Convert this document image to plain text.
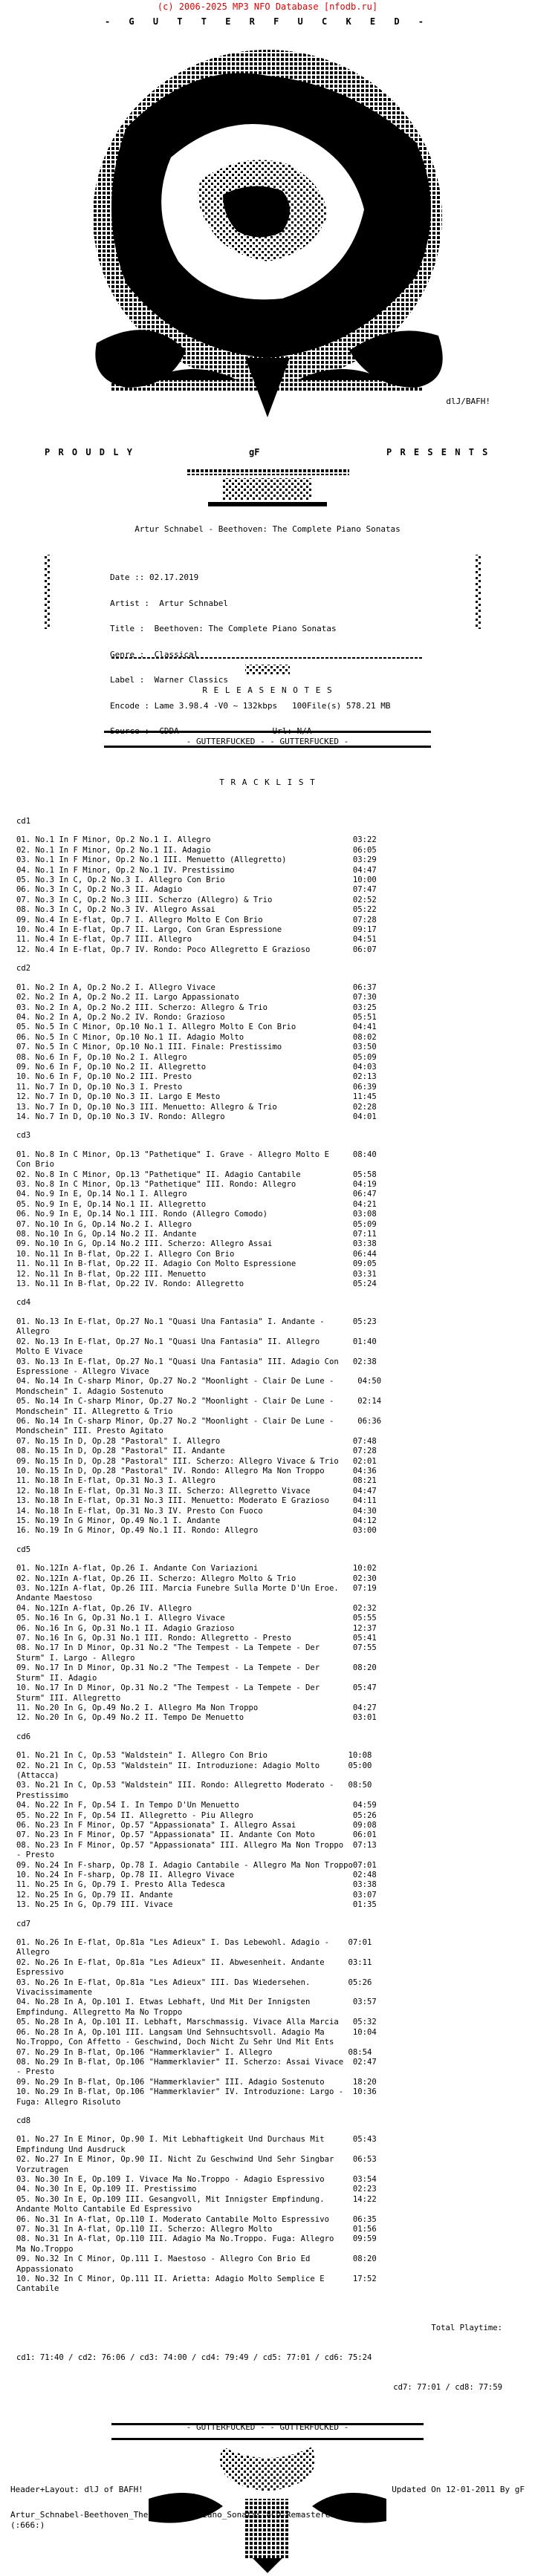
(c) 2006-2025 MP3 NFO Database [nfodb.ru]
- G U T T E R F U C K E D -
dlJ/BAFH!
P R O U D L Y	gF	P R E S E N T S
Artur Schnabel - Beethoven: The Complete Piano Sonatas

Date :: 02.17.2019

Artist :  Artur Schnabel

Title :  Beethoven: The Complete Piano Sonatas

Genre :  Classical

Label :  Warner Classics

Encode : Lame 3.98.4 -V0 ~ 132kbps   100File(s) 578.21 MB

Source :  CDDA                   Url: N/A

R E L E A S E N O T E S
- GUTTERFUCKED - - GUTTERFUCKED -
T R A C K L I S T
cd1
01. No.1 In F Minor, Op.2 No.1 I. Allegro                              03:22
02. No.1 In F Minor, Op.2 No.1 II. Adagio                              06:05
03. No.1 In F Minor, Op.2 No.1 III. Menuetto (Allegretto)              03:29
04. No.1 In F Minor, Op.2 No.1 IV. Prestissimo                         04:47
05. No.3 In C, Op.2 No.3 I. Allegro Con Brio                           10:00
06. No.3 In C, Op.2 No.3 II. Adagio                                    07:47
07. No.3 In C, Op.2 No.3 III. Scherzo (Allegro) & Trio                 02:52
08. No.3 In C, Op.2 No.3 IV. Allegro Assai                             05:22
09. No.4 In E-flat, Op.7 I. Allegro Molto E Con Brio                   07:28
10. No.4 In E-flat, Op.7 II. Largo, Con Gran Espressione               09:17
11. No.4 In E-flat, Op.7 III. Allegro                                  04:51
12. No.4 In E-flat, Op.7 IV. Rondo: Poco Allegretto E Grazioso         06:07
cd2
01. No.2 In A, Op.2 No.2 I. Allegro Vivace                             06:37
02. No.2 In A, Op.2 No.2 II. Largo Appassionato                        07:30
03. No.2 In A, Op.2 No.2 III. Scherzo: Allegro & Trio                  03:25
04. No.2 In A, Op.2 No.2 IV. Rondo: Grazioso                           05:51
05. No.5 In C Minor, Op.10 No.1 I. Allegro Molto E Con Brio            04:41
06. No.5 In C Minor, Op.10 No.1 II. Adagio Molto                       08:02
07. No.5 In C Minor, Op.10 No.1 III. Finale: Prestissimo               03:50
08. No.6 In F, Op.10 No.2 I. Allegro                                   05:09
09. No.6 In F, Op.10 No.2 II. Allegretto                               04:03
10. No.6 In F, Op.10 No.2 III. Presto                                  02:13
11. No.7 In D, Op.10 No.3 I. Presto                                    06:39
12. No.7 In D, Op.10 No.3 II. Largo E Mesto                            11:45
13. No.7 In D, Op.10 No.3 III. Menuetto: Allegro & Trio                02:28
14. No.7 In D, Op.10 No.3 IV. Rondo: Allegro                           04:01
cd3
01. No.8 In C Minor, Op.13 "Pathetique" I. Grave - Allegro Molto E     08:40
Con Brio
02. No.8 In C Minor, Op.13 "Pathetique" II. Adagio Cantabile           05:58
03. No.8 In C Minor, Op.13 "Pathetique" III. Rondo: Allegro            04:19
04. No.9 In E, Op.14 No.1 I. Allegro                                   06:47
05. No.9 In E, Op.14 No.1 II. Allegretto                               04:21
06. No.9 In E, Op.14 No.1 III. Rondo (Allegro Comodo)                  03:08
07. No.10 In G, Op.14 No.2 I. Allegro                                  05:09
08. No.10 In G, Op.14 No.2 II. Andante                                 07:11
09. No.10 In G, Op.14 No.2 III. Scherzo: Allegro Assai                 03:38
10. No.11 In B-flat, Op.22 I. Allegro Con Brio                         06:44
11. No.11 In B-flat, Op.22 II. Adagio Con Molto Espressione            09:05
12. No.11 In B-flat, Op.22 III. Menuetto                               03:31
13. No.11 In B-flat, Op.22 IV. Rondo: Allegretto                       05:24
cd4
01. No.13 In E-flat, Op.27 No.1 "Quasi Una Fantasia" I. Andante -      05:23
Allegro
02. No.13 In E-flat, Op.27 No.1 "Quasi Una Fantasia" II. Allegro       01:40
Molto E Vivace
03. No.13 In E-flat, Op.27 No.1 "Quasi Una Fantasia" III. Adagio Con   02:38
Espressione - Allegro Vivace
04. No.14 In C-sharp Minor, Op.27 No.2 "Moonlight - Clair De Lune -     04:50
Mondschein" I. Adagio Sostenuto
05. No.14 In C-sharp Minor, Op.27 No.2 "Moonlight - Clair De Lune -     02:14
Mondschein" II. Allegretto & Trio
06. No.14 In C-sharp Minor, Op.27 No.2 "Moonlight - Clair De Lune -     06:36
Mondschein" III. Presto Agitato
07. No.15 In D, Op.28 "Pastoral" I. Allegro                            07:48
08. No.15 In D, Op.28 "Pastoral" II. Andante                           07:28
09. No.15 In D, Op.28 "Pastoral" III. Scherzo: Allegro Vivace & Trio   02:01
10. No.15 In D, Op.28 "Pastoral" IV. Rondo: Allegro Ma Non Troppo      04:36
11. No.18 In E-flat, Op.31 No.3 I. Allegro                             08:21
12. No.18 In E-flat, Op.31 No.3 II. Scherzo: Allegretto Vivace         04:47
13. No.18 In E-flat, Op.31 No.3 III. Menuetto: Moderato E Grazioso     04:11
14. No.18 In E-flat, Op.31 No.3 IV. Presto Con Fuoco                   04:30
15. No.19 In G Minor, Op.49 No.1 I. Andante                            04:12
16. No.19 In G Minor, Op.49 No.1 II. Rondo: Allegro                    03:00
cd5
01. No.12In A-flat, Op.26 I. Andante Con Variazioni                    10:02
02. No.12In A-flat, Op.26 II. Scherzo: Allegro Molto & Trio            02:30
03. No.12In A-flat, Op.26 III. Marcia Funebre Sulla Morte D'Un Eroe.   07:19
Andante Maestoso
04. No.12In A-flat, Op.26 IV. Allegro                                  02:32
05. No.16 In G, Op.31 No.1 I. Allegro Vivace                           05:55
06. No.16 In G, Op.31 No.1 II. Adagio Grazioso                         12:37
07. No.16 In G, Op.31 No.1 III. Rondo: Allegretto - Presto             05:41
08. No.17 In D Minor, Op.31 No.2 "The Tempest - La Tempete - Der       07:55
Sturm" I. Largo - Allegro
09. No.17 In D Minor, Op.31 No.2 "The Tempest - La Tempete - Der       08:20
Sturm" II. Adagio
10. No.17 In D Minor, Op.31 No.2 "The Tempest - La Tempete - Der       05:47
Sturm" III. Allegretto
11. No.20 In G, Op.49 No.2 I. Allegro Ma Non Troppo                    04:27
12. No.20 In G, Op.49 No.2 II. Tempo De Menuetto                       03:01
cd6
01. No.21 In C, Op.53 "Waldstein" I. Allegro Con Brio                 10:08
02. No.21 In C, Op.53 "Waldstein" II. Introduzione: Adagio Molto      05:00
(Attacca)
03. No.21 In C, Op.53 "Waldstein" III. Rondo: Allegretto Moderato -   08:50
Prestissimo
04. No.22 In F, Op.54 I. In Tempo D'Un Menuetto                        04:59
05. No.22 In F, Op.54 II. Allegretto - Piu Allegro                     05:26
06. No.23 In F Minor, Op.57 "Appassionata" I. Allegro Assai            09:08
07. No.23 In F Minor, Op.57 "Appassionata" II. Andante Con Moto        06:01
08. No.23 In F Minor, Op.57 "Appassionata" III. Allegro Ma Non Troppo  07:13
- Presto
09. No.24 In F-sharp, Op.78 I. Adagio Cantabile - Allegro Ma Non Troppo07:01
10. No.24 In F-sharp, Op.78 II. Allegro Vivace                         02:48
11. No.25 In G, Op.79 I. Presto Alla Tedesca                           03:38
12. No.25 In G, Op.79 II. Andante                                      03:07
13. No.25 In G, Op.79 III. Vivace                                      01:35
cd7
01. No.26 In E-flat, Op.81a "Les Adieux" I. Das Lebewohl. Adagio -    07:01
Allegro
02. No.26 In E-flat, Op.81a "Les Adieux" II. Abwesenheit. Andante     03:11
Espressivo
03. No.26 In E-flat, Op.81a "Les Adieux" III. Das Wiedersehen.        05:26
Vivacissimamente
04. No.28 In A, Op.101 I. Etwas Lebhaft, Und Mit Der Innigsten         03:57
Empfindung. Allegretto Ma No Troppo
05. No.28 In A, Op.101 II. Lebhaft, Marschmassig. Vivace Alla Marcia   05:32
06. No.28 In A, Op.101 III. Langsam Und Sehnsuchtsvoll. Adagio Ma      10:04
No.Troppo, Con Affetto - Geschwind, Doch Nicht Zu Sehr Und Mit Ents
07. No.29 In B-flat, Op.106 "Hammerklavier" I. Allegro                08:54
08. No.29 In B-flat, Op.106 "Hammerklavier" II. Scherzo: Assai Vivace  02:47
- Presto
09. No.29 In B-flat, Op.106 "Hammerklavier" III. Adagio Sostenuto      18:20
10. No.29 In B-flat, Op.106 "Hammerklavier" IV. Introduzione: Largo -  10:36
Fuga: Allegro Risoluto
cd8
01. No.27 In E Minor, Op.90 I. Mit Lebhaftigkeit Und Durchaus Mit      05:43
Empfindung Und Ausdruck
02. No.27 In E Minor, Op.90 II. Nicht Zu Geschwind Und Sehr Singbar    06:53
Vorzutragen
03. No.30 In E, Op.109 I. Vivace Ma No.Troppo - Adagio Espressivo      03:54
04. No.30 In E, Op.109 II. Prestissimo                                 02:23
05. No.30 In E, Op.109 III. Gesangvoll, Mit Innigster Empfindung.      14:22
Andante Molto Cantabile Ed Espressivo
06. No.31 In A-flat, Op.110 I. Moderato Cantabile Molto Espressivo     06:35
07. No.31 In A-flat, Op.110 II. Scherzo: Allegro Molto                 01:56
08. No.31 In A-flat, Op.110 III. Adagio Ma No.Troppo. Fuga: Allegro    09:59
Ma No.Troppo
09. No.32 In C Minor, Op.111 I. Maestoso - Allegro Con Brio Ed         08:20
Appassionato
10. No.32 In C Minor, Op.111 II. Arietta: Adagio Molto Semplice E      17:52
Cantabile

Total Playtime:

cd1: 71:40 / cd2: 76:06 / cd3: 74:00 / cd4: 79:49 / cd5: 77:01 / cd6: 75:24

cd7: 77:01 / cd8: 77:59

- GUTTERFUCKED - - GUTTERFUCKED -
Header+Layout: dlJ of BAFH!	Updated On 12-01-2011 By gF
Artur_Schnabel-Beethoven_The_Complete_Piano_Sonatas-8CD-Remastered-2016
(:666:)
